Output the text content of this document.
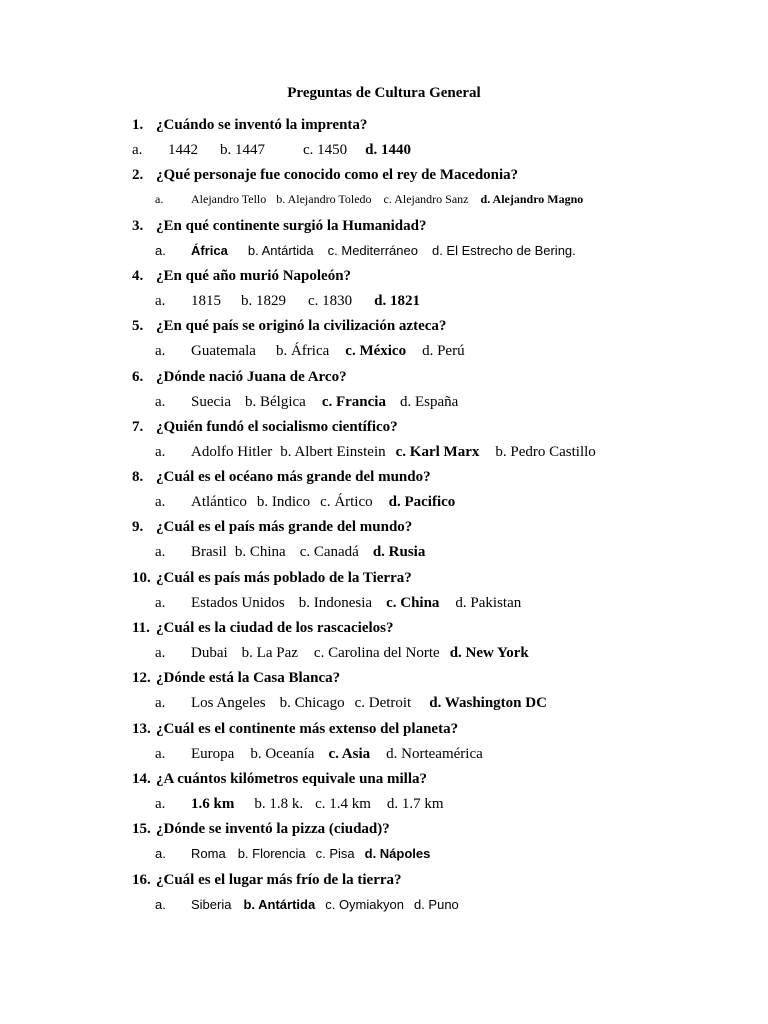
Preguntas de Cultura General
1. ¿Cuándo se inventó la imprenta?
a. 1442 b. 1447	c. 1450 d. 1440
2. ¿Qué personaje fue conocido como el rey de Macedonia?
a. Alejandro Tello b. Alejandro Toledo c. Alejandro Sanz d. Alejandro Magno
3. ¿En qué continente surgió la Humanidad?
a. África b. Antártida c. Mediterráneo d. El Estrecho de Bering.
4. ¿En qué año murió Napoleón?
a. 1815 b. 1829 c. 1830 d. 1821
5. ¿En qué país se originó la civilización azteca?
a. Guatemala b. África c. México d. Perú
6. ¿Dónde nació Juana de Arco?
a. Suecia b. Bélgica c. Francia d. España
7. ¿Quién fundó el socialismo científico?
a. Adolfo Hitler b. Albert Einstein c. Karl Marx b. Pedro Castillo
8. ¿Cuál es el océano más grande del mundo?
a. Atlántico b. Indico c. Ártico d. Pacifico
9. ¿Cuál es el país más grande del mundo?
a. Brasil b. China c. Canadá d. Rusia
10. ¿Cuál es país más poblado de la Tierra?
a. Estados Unidos b. Indonesia c. China d. Pakistan
11. ¿Cuál es la ciudad de los rascacielos?
a. Dubai b. La Paz c. Carolina del Norte d. New York
12. ¿Dónde está la Casa Blanca?
a. Los Angeles b. Chicago c. Detroit d. Washington DC
13. ¿Cuál es el continente más extenso del planeta?
a. Europa b. Oceanía c. Asia d. Norteamérica
14. ¿A cuántos kilómetros equivale una milla?
a. 1.6 km b. 1.8 k. c. 1.4 km d. 1.7 km
15. ¿Dónde se inventó la pizza (ciudad)?
a. Roma b. Florencia c. Pisa d. Nápoles
16. ¿Cuál es el lugar más frío de la tierra?
a. Siberia b. Antártida c. Oymiakyon d. Puno
